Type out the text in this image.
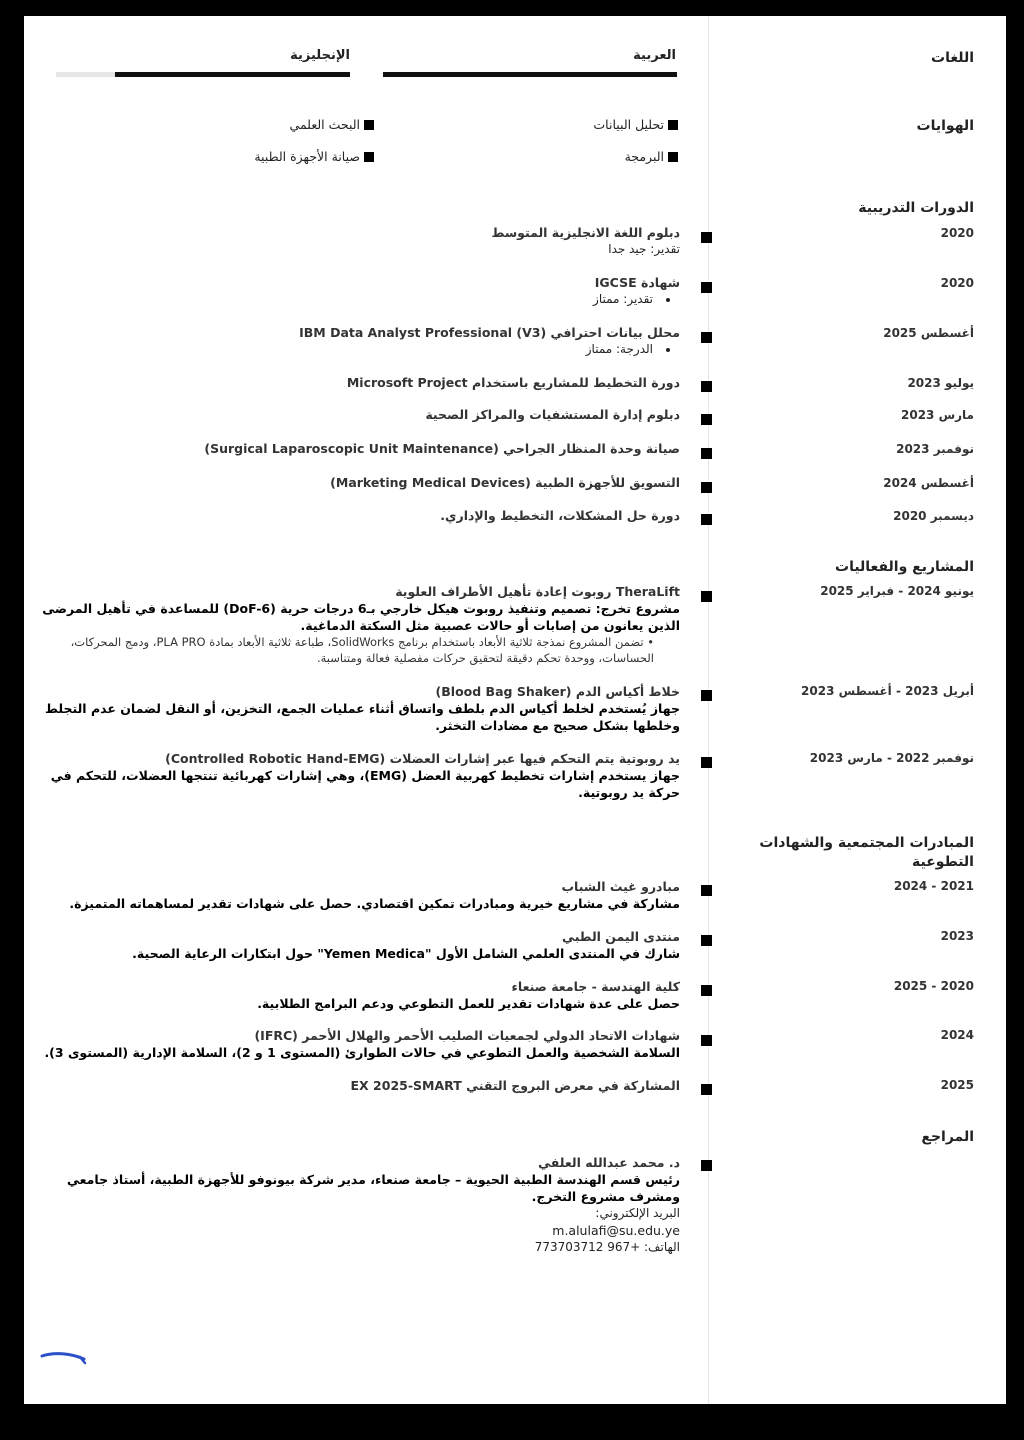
اللغات
العربية
الإنجليزية
الهوايات
تحليل البيانات
البحث العلمي
البرمجة
صيانة الأجهزة الطبية
الدورات التدريبية
2020
دبلوم اللغة الانجليزية المتوسط
تقدير: جيد جدا
2020
شهادة IGCSE
تقدير: ممتاز
أغسطس 2025
محلل بيانات احترافي IBM Data Analyst Professional (V3)
الدرجة: ممتاز
يوليو 2023
دورة التخطيط للمشاريع باستخدام Microsoft Project
مارس 2023
دبلوم إدارة المستشفيات والمراكز الصحية
نوفمبر 2023
صيانة وحدة المنظار الجراحي (Surgical Laparoscopic Unit Maintenance)
أغسطس 2024
التسويق للأجهزة الطبية (Marketing Medical Devices)
ديسمبر 2020
دورة حل المشكلات، التخطيط والإداري.
المشاريع والفعاليات
يونيو 2024 - فبراير 2025
TheraLift روبوت إعادة تأهيل الأطراف العلوية
مشروع تخرج: تصميم وتنفيذ روبوت هيكل خارجي بـ6 درجات حرية (DoF-6) للمساعدة في تأهيل المرضى الذين يعانون من إصابات أو حالات عصبية مثل السكتة الدماغية.
• تضمن المشروع نمذجة ثلاثية الأبعاد باستخدام برنامج SolidWorks، طباعة ثلاثية الأبعاد بمادة PLA PRO، ودمج المحركات، الحساسات، ووحدة تحكم دقيقة لتحقيق حركات مفصلية فعالة ومتناسبة.
أبريل 2023 - أغسطس 2023
خلاط أكياس الدم (Blood Bag Shaker)
جهاز يُستخدم لخلط أكياس الدم بلطف واتساق أثناء عمليات الجمع، التخزين، أو النقل لضمان عدم التجلط وخلطها بشكل صحيح مع مضادات التخثر.
نوفمبر 2022 - مارس 2023
يد روبوتية يتم التحكم فيها عبر إشارات العضلات (Controlled Robotic Hand-EMG)
جهاز يستخدم إشارات تخطيط كهربية العضل (EMG)، وهي إشارات كهربائية تنتجها العضلات، للتحكم في حركة يد روبوتية.
المبادرات المجتمعية والشهادات التطوعية
2021 - 2024
مبادرو غيث الشباب
مشاركة في مشاريع خيرية ومبادرات تمكين اقتصادي. حصل على شهادات تقدير لمساهماته المتميزة.
2023
منتدى اليمن الطبي
شارك في المنتدى العلمي الشامل الأول "Yemen Medica" حول ابتكارات الرعاية الصحية.
2020 - 2025
كلية الهندسة - جامعة صنعاء
حصل على عدة شهادات تقدير للعمل التطوعي ودعم البرامج الطلابية.
2024
شهادات الاتحاد الدولي لجمعيات الصليب الأحمر والهلال الأحمر (IFRC)
السلامة الشخصية والعمل التطوعي في حالات الطوارئ (المستوى 1 و 2)، السلامة الإدارية (المستوى 3).
2025
المشاركة في معرض البروج التقني EX 2025-SMART
المراجع
د. محمد عبدالله العلفي
رئيس قسم الهندسة الطبية الحيوية – جامعة صنعاء، مدير شركة بيونوفو للأجهزة الطبية، أستاذ جامعي ومشرف مشروع التخرج.
البريد الإلكتروني:
m.alulafi@su.edu.ye
الهاتف: +967 773703712
